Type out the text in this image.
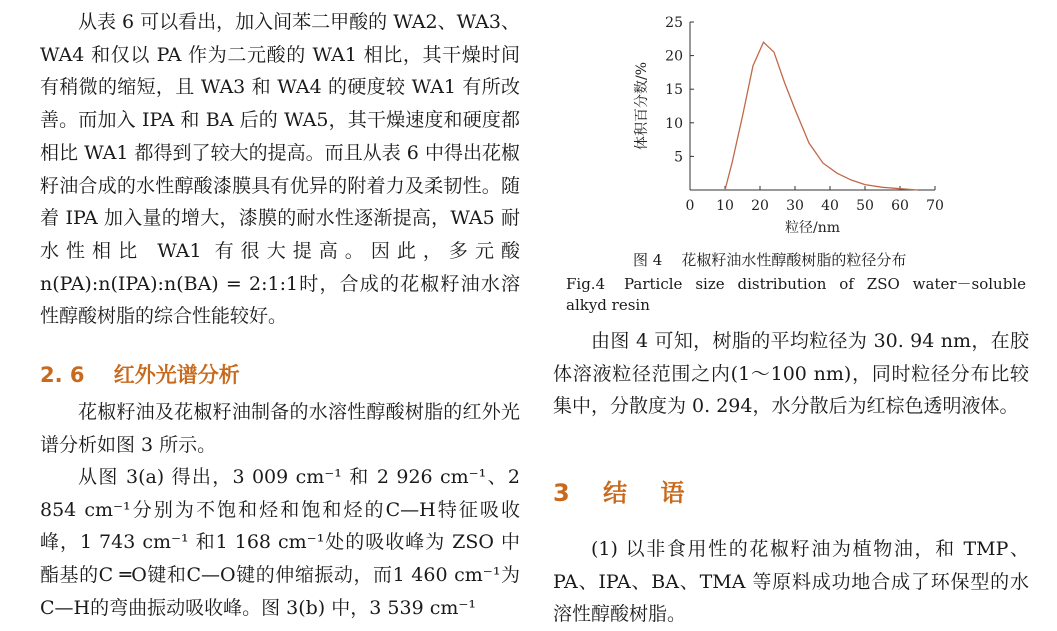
从表 6 可以看出，加入间苯二甲酸的 WA2、WA3、WA4 和仅以 PA 作为二元酸的 WA1 相比，其干燥时间有稍微的缩短，且 WA3 和 WA4 的硬度较 WA1 有所改善。而加入 IPA 和 BA 后的 WA5，其干燥速度和硬度都相比 WA1 都得到了较大的提高。而且从表 6 中得出花椒籽油合成的水性醇酸漆膜具有优异的附着力及柔韧性。随着 IPA 加入量的增大，漆膜的耐水性逐渐提高，WA5 耐水性相比 WA1 有很大提高。因此，多元酸 n(PA):n(IPA):n(BA) = 2:1:1时，合成的花椒籽油水溶性醇酸树脂的综合性能较好。

2. 6    红外光谱分析

花椒籽油及花椒籽油制备的水溶性醇酸树脂的红外光谱分析如图 3 所示。

从图 3(a) 得出，3 009 cm⁻¹ 和 2 926 cm⁻¹、2 854 cm⁻¹分别为不饱和烃和饱和烃的C—H特征吸收峰，1 743 cm⁻¹ 和1 168 cm⁻¹处的吸收峰为 ZSO 中酯基的C ═O键和C—O键的伸缩振动，而1 460 cm⁻¹为C—H的弯曲振动吸收峰。图 3(b) 中，3 539 cm⁻¹

0 10 20 30 40 50 60 70
5
10
15
20
25
粒径/nm
体积百分数/%
图 4    花椒籽油水性醇酸树脂的粒径分布
Fig.4 Particle size distribution of ZSO water－soluble alkyd resin

由图 4 可知，树脂的平均粒径为 30. 94 nm，在胶体溶液粒径范围之内(1～100 nm)，同时粒径分布比较集中，分散度为 0. 294，水分散后为红棕色透明液体。

3    结    语

(1) 以非食用性的花椒籽油为植物油，和 TMP、PA、IPA、BA、TMA 等原料成功地合成了环保型的水溶性醇酸树脂。
